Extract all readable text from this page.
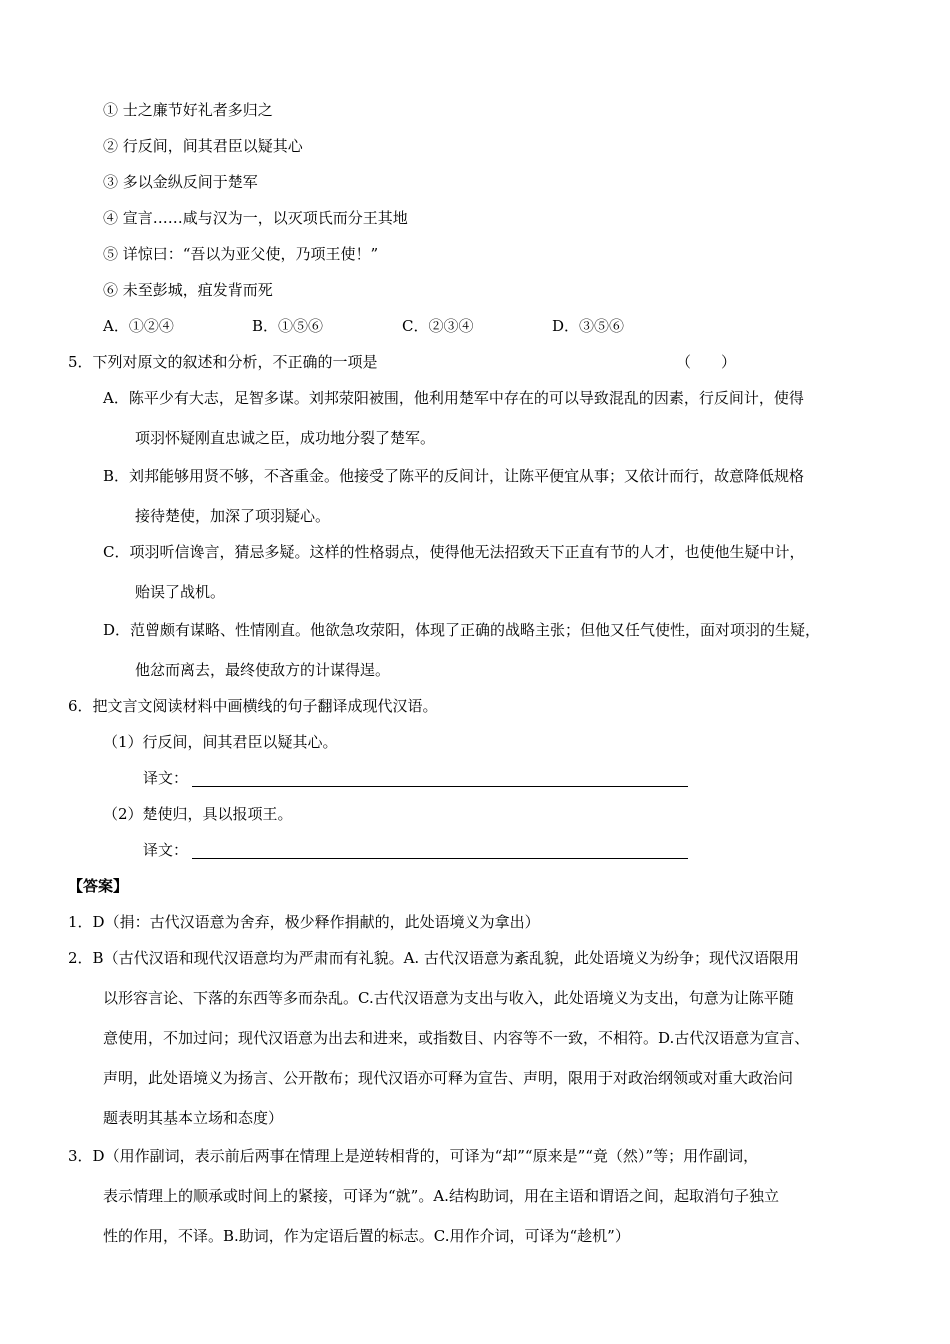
① 士之廉节好礼者多归之
② 行反间，间其君臣以疑其心
③ 多以金纵反间于楚军
④ 宣言……咸与汉为一，以灭项氏而分王其地
⑤ 详惊曰：“吾以为亚父使，乃项王使！”
⑥ 未至彭城，疽发背而死
A．①②④	B．①⑤⑥	C．②③④	D．③⑤⑥
5．下列对原文的叙述和分析，不正确的一项是	（　　）
A．陈平少有大志，足智多谋。刘邦荥阳被围，他利用楚军中存在的可以导致混乱的因素，行反间计，使得
项羽怀疑刚直忠诚之臣，成功地分裂了楚军。
B．刘邦能够用贤不够，不吝重金。他接受了陈平的反间计，让陈平便宜从事；又依计而行，故意降低规格
接待楚使，加深了项羽疑心。
C．项羽听信谗言，猜忌多疑。这样的性格弱点，使得他无法招致天下正直有节的人才，也使他生疑中计，
贻误了战机。
D．范曾颇有谋略、性情刚直。他欲急攻荥阳，体现了正确的战略主张；但他又任气使性，面对项羽的生疑，
他忿而离去，最终使敌方的计谋得逞。
6．把文言文阅读材料中画横线的句子翻译成现代汉语。
（1）行反间，间其君臣以疑其心。
译文：
（2）楚使归，具以报项王。
译文：
【答案】
1．D（捐：古代汉语意为舍弃，极少释作捐献的，此处语境义为拿出）
2．B（古代汉语和现代汉语意均为严肃而有礼貌。A. 古代汉语意为紊乱貌，此处语境义为纷争；现代汉语限用
以形容言论、下落的东西等多而杂乱。C.古代汉语意为支出与收入，此处语境义为支出，句意为让陈平随
意使用，不加过问；现代汉语意为出去和进来，或指数目、内容等不一致，不相符。D.古代汉语意为宣言、
声明，此处语境义为扬言、公开散布；现代汉语亦可释为宣告、声明，限用于对政治纲领或对重大政治问
题表明其基本立场和态度）
3．D（用作副词，表示前后两事在情理上是逆转相背的，可译为“却”“原来是”“竟（然）”等；用作副词，
表示情理上的顺承或时间上的紧接，可译为“就”。A.结构助词，用在主语和谓语之间，起取消句子独立
性的作用，不译。B.助词，作为定语后置的标志。C.用作介词，可译为“趁机”）
